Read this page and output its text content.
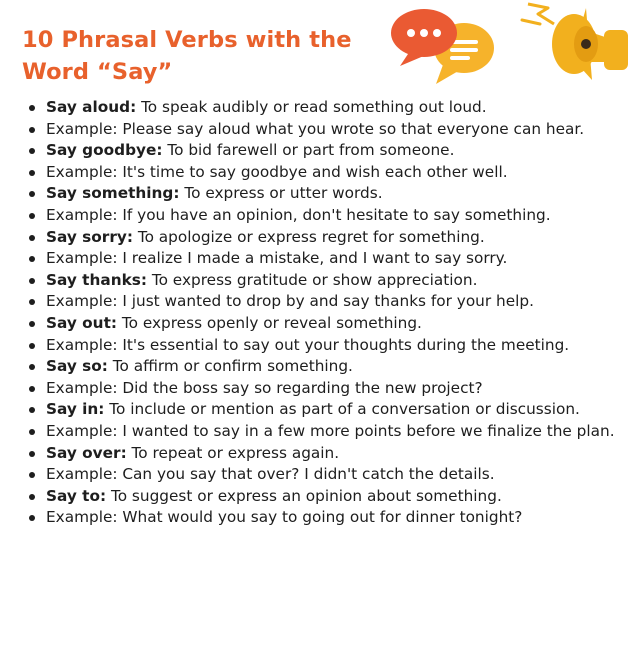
10 Phrasal Verbs with the
Word “Say”
Say aloud: To speak audibly or read something out loud.
Example: Please say aloud what you wrote so that everyone can hear.
Say goodbye: To bid farewell or part from someone.
Example: It's time to say goodbye and wish each other well.
Say something: To express or utter words.
Example: If you have an opinion, don't hesitate to say something.
Say sorry: To apologize or express regret for something.
Example: I realize I made a mistake, and I want to say sorry.
Say thanks: To express gratitude or show appreciation.
Example: I just wanted to drop by and say thanks for your help.
Say out: To express openly or reveal something.
Example: It's essential to say out your thoughts during the meeting.
Say so: To affirm or confirm something.
Example: Did the boss say so regarding the new project?
Say in: To include or mention as part of a conversation or discussion.
Example: I wanted to say in a few more points before we finalize the plan.
Say over: To repeat or express again.
Example: Can you say that over? I didn't catch the details.
Say to: To suggest or express an opinion about something.
Example: What would you say to going out for dinner tonight?
